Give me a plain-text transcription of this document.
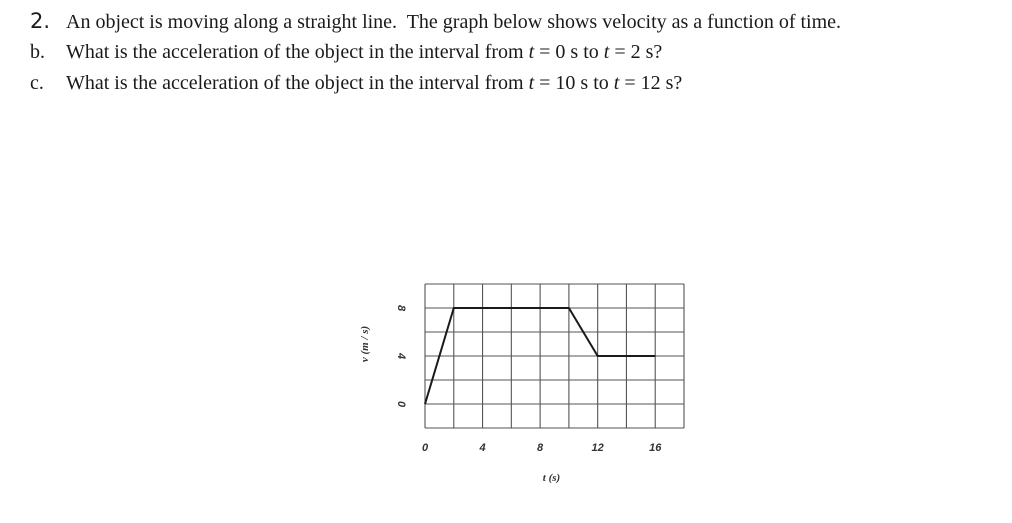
2. An object is moving along a straight line.  The graph below shows velocity as a function of time.
b.	What is the acceleration of the object in the interval from t = 0 s to t = 2 s?
c.	What is the acceleration of the object in the interval from t = 10 s to t = 12 s?
0	4	8	12	16
0
4
8
t (s)
v (m / s)
